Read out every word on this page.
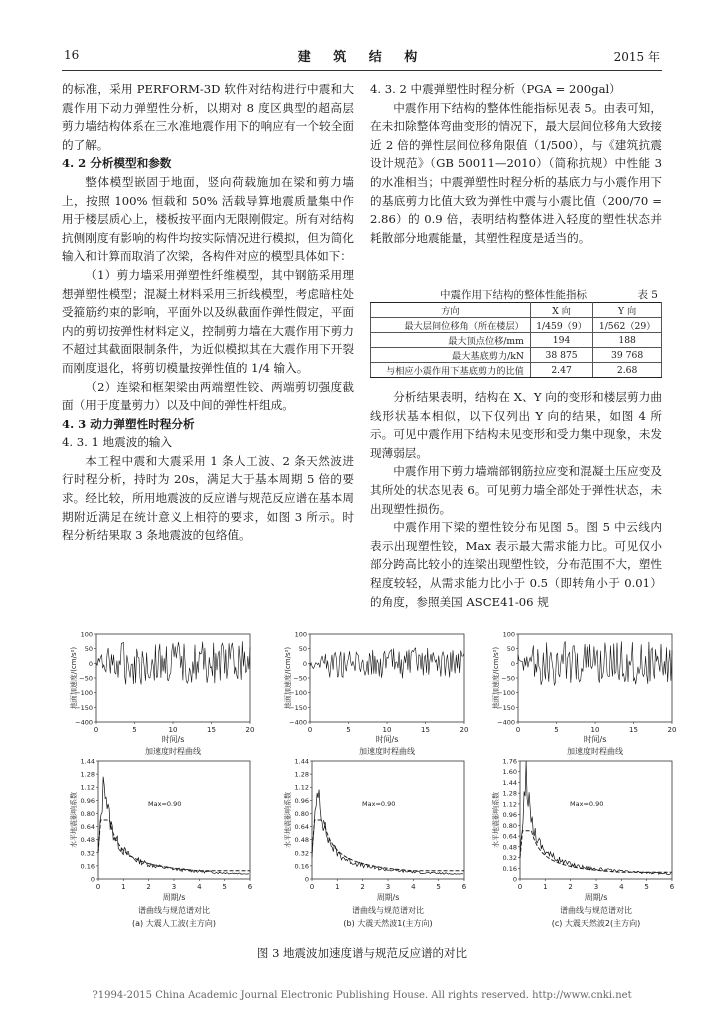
16	建 筑 结 构	2015 年

的标准，采用 PERFORM-3D 软件对结构进行中震和大震作用下动力弹塑性分析，以期对 8 度区典型的超高层剪力墙结构体系在三水准地震作用下的响应有一个较全面的了解。

4. 2 分析模型和参数

整体模型嵌固于地面，竖向荷载施加在梁和剪力墙上，按照 100% 恒载和 50% 活载导算地震质量集中作用于楼层质心上，楼板按平面内无限刚假定。所有对结构抗侧刚度有影响的构件均按实际情况进行模拟，但为简化输入和计算而取消了次梁，各构件对应的模型具体如下：

（1）剪力墙采用弹塑性纤维模型，其中钢筋采用理想弹塑性模型；混凝土材料采用三折线模型，考虑暗柱处受箍筋约束的影响，平面外以及纵截面作弹性假定，平面内的剪切按弹性材料定义，控制剪力墙在大震作用下剪力不超过其截面限制条件，为近似模拟其在大震作用下开裂而刚度退化，将剪切模量按弹性值的 1/4 输入。

（2）连梁和框架梁由两端塑性铰、两端剪切强度截面（用于度量剪力）以及中间的弹性杆组成。

4. 3 动力弹塑性时程分析

4. 3. 1 地震波的输入

本工程中震和大震采用 1 条人工波、2 条天然波进行时程分析，持时为 20s，满足大于基本周期 5 倍的要求。经比较，所用地震波的反应谱与规范反应谱在基本周期附近满足在统计意义上相符的要求，如图 3 所示。时程分析结果取 3 条地震波的包络值。

4. 3. 2 中震弹塑性时程分析（PGA = 200gal）

中震作用下结构的整体性能指标见表 5。由表可知，在未扣除整体弯曲变形的情况下，最大层间位移角大致接近 2 倍的弹性层间位移角限值（1/500），与《建筑抗震设计规范》（GB 50011—2010）（简称抗规）中性能 3 的水准相当；中震弹塑性时程分析的基底力与小震作用下的基底剪力比值大致为弹性中震与小震比值（200/70 = 2.86）的 0.9 倍，表明结构整体进入轻度的塑性状态并耗散部分地震能量，其塑性程度是适当的。

中震作用下结构的整体性能指标	表 5
方向	X 向	Y 向
最大层间位移角（所在楼层）	1/459（9）	1/562（29）
最大顶点位移/mm	194	188
最大基底剪力/kN	38 875	39 768
与相应小震作用下基底剪力的比值	2.47	2.68

分析结果表明，结构在 X、Y 向的变形和楼层剪力曲线形状基本相似，以下仅列出 Y 向的结果，如图 4 所示。可见中震作用下结构未见变形和受力集中现象，未发现薄弱层。

中震作用下剪力墙端部钢筋拉应变和混凝土压应变及其所处的状态见表 6。可见剪力墙全部处于弹性状态，未出现塑性损伤。

中震作用下梁的塑性铰分布见图 5。图 5 中云线内表示出现塑性铰，Max 表示最大需求能力比。可见仅小部分跨高比较小的连梁出现塑性铰，分布范围不大，塑性程度较轻，从需求能力比小于 0.5（即转角小于 0.01）的角度，参照美国 ASCE41-06 规

100
50
0
−50
−100
−150
−400
0	5	10	15	20
地面加速度/(cm/s²)
时间/s
加速度时程曲线
100
50
0
−50
−100
−150
−400
0	5	10	15	20
地面加速度/(cm/s²)
时间/s
加速度时程曲线
100
50
0
−50
−100
−150
−400
0	5	10	15	20
地面加速度/(cm/s²)
时间/s
加速度时程曲线
1.44
1.28
1.12
0.96
0.80
0.64
0.48
0.32
0.16
0
0	1	2	3	4	5	6
Max=0.90
水平地震影响系数
周期/s
谱曲线与规范谱对比
(a) 大震人工波(主方向)
1.44
1.28
1.12
0.96
0.80
0.64
0.48
0.32
0.16
0
0	1	2	3	4	5	6
Max=0.90
水平地震影响系数
周期/s
谱曲线与规范谱对比
(b) 大震天然波1(主方向)
1.76
1.60
1.44
1.28
1.12
0.96
0.80
0.64
0.48
0.32
0.16
0
0	1	2	3	4	5	6
Max=0.90
水平地震影响系数
周期/s
谱曲线与规范谱对比
(c) 大震天然波2(主方向)
图 3 地震波加速度谱与规范反应谱的对比
?1994-2015 China Academic Journal Electronic Publishing House. All rights reserved. http://www.cnki.net
